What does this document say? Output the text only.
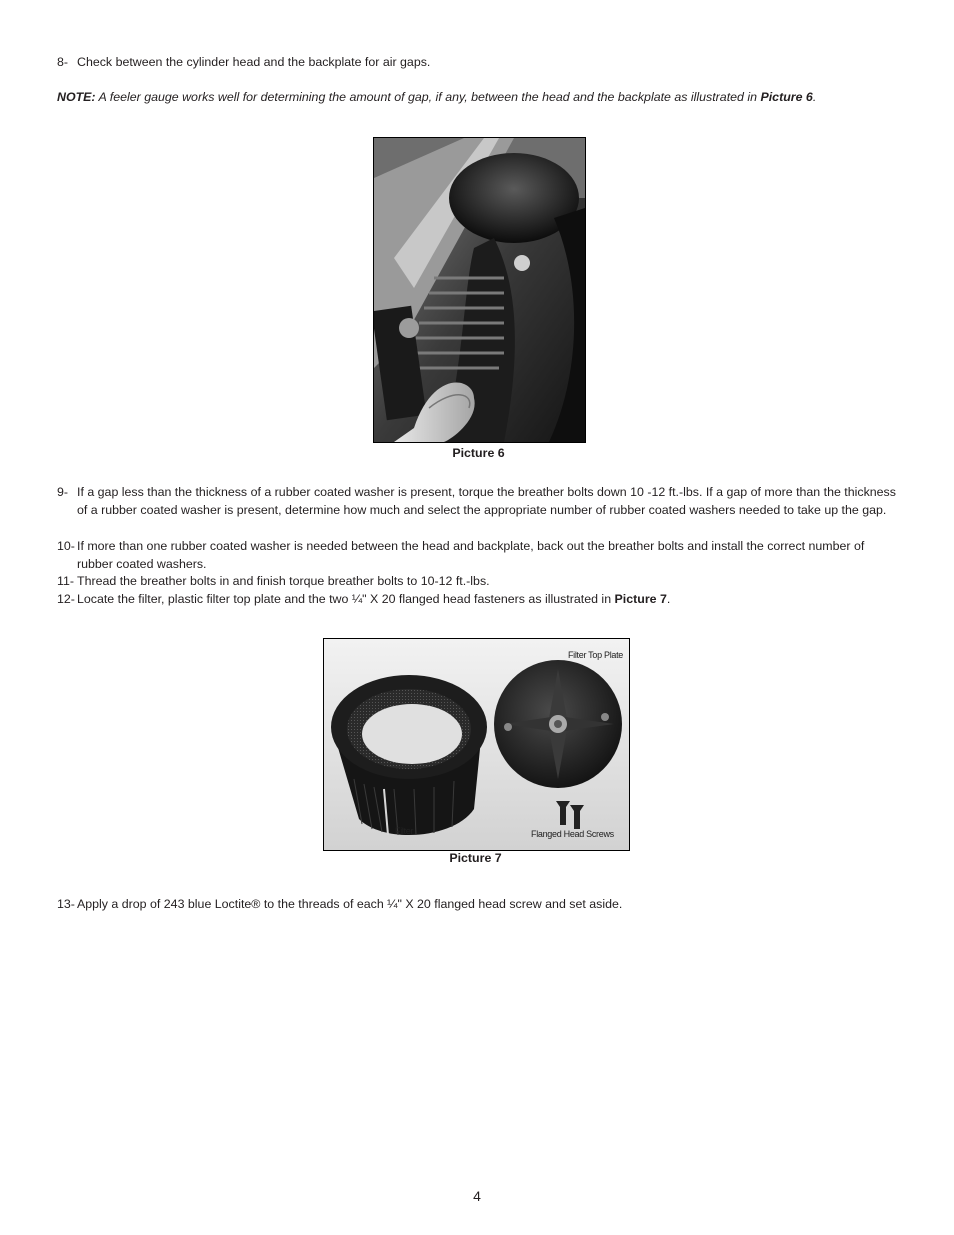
8- Check between the cylinder head and the backplate for air gaps.
NOTE: A feeler gauge works well for determining the amount of gap, if any, between the head and the backplate as illustrated in Picture 6.
Picture 6
9- If a gap less than the thickness of a rubber coated washer is present, torque the breather bolts down 10 -12 ft.-lbs. If a gap of more than the thickness of a rubber coated washer is present, determine how much and select the appropriate number of rubber coated washers needed to take up the gap.
10- If more than one rubber coated washer is needed between the head and backplate, back out the breather bolts and install the correct number of rubber coated washers.
11- Thread the breather bolts in and finish torque breather bolts to 10-12 ft.-lbs.
12- Locate the filter, plastic filter top plate and the two ¼" X 20 flanged head fasteners as illustrated in Picture 7.
Filter Top Plate
Filter	Flanged Head Screws
Picture 7
13- Apply a drop of 243 blue Loctite® to the threads of each ¼" X 20 flanged head screw and set aside.
4
